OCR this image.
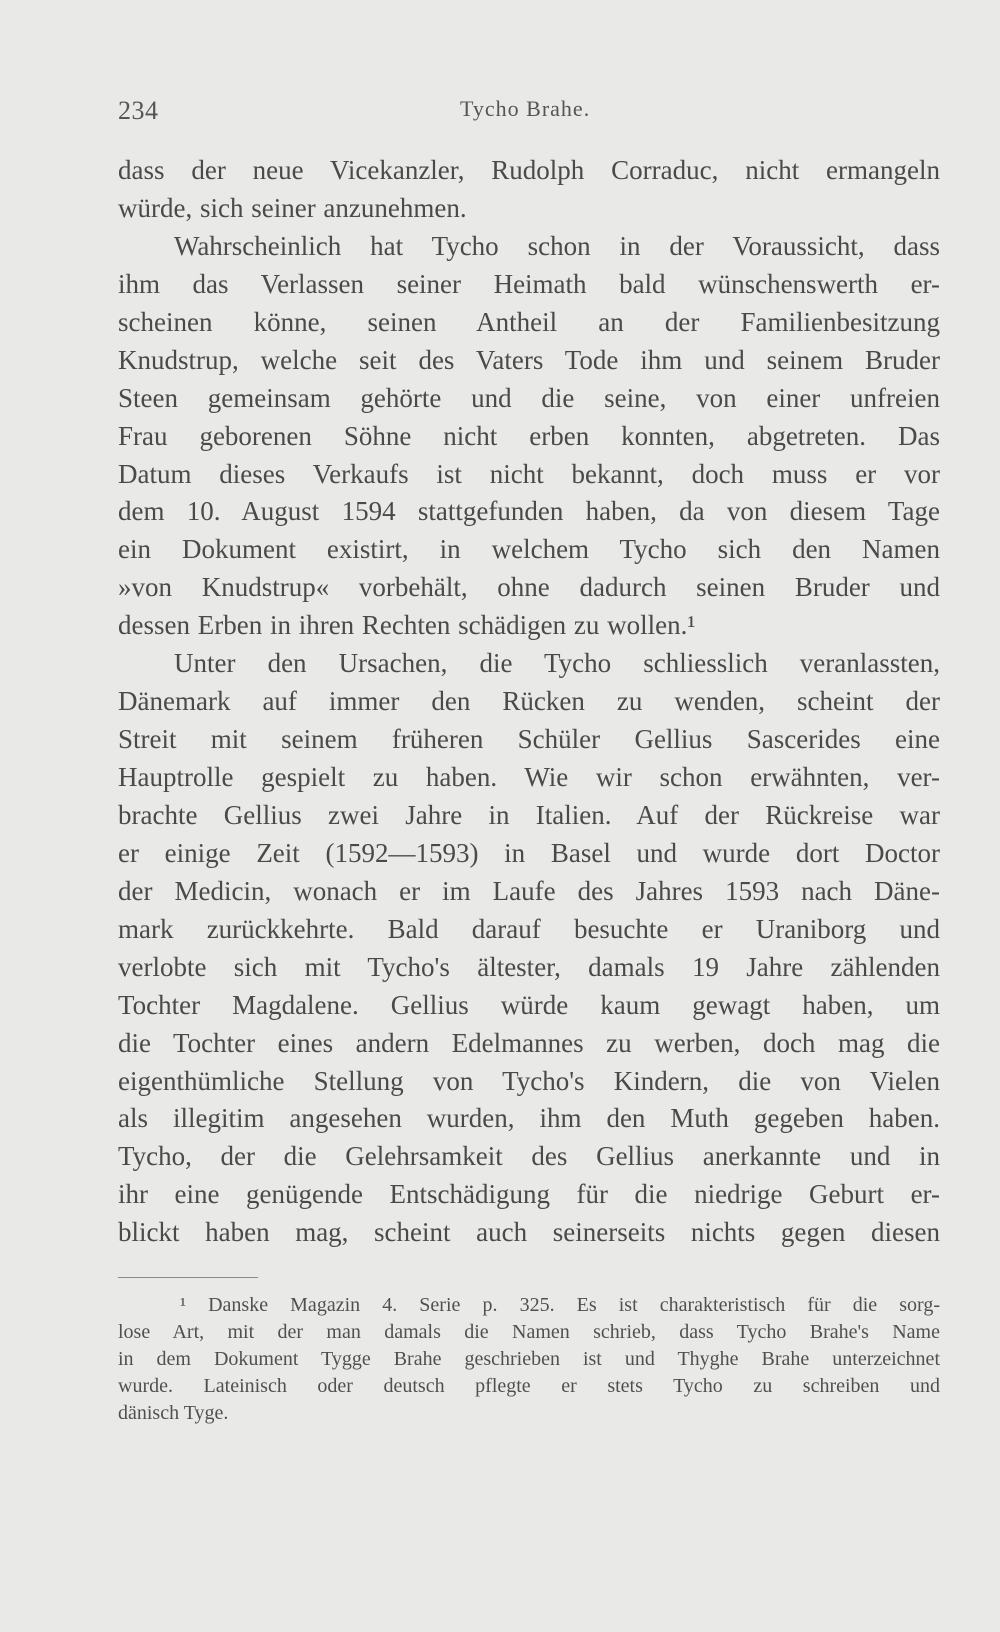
234	Tycho Brahe.
dass der neue Vicekanzler, Rudolph Corraduc, nicht ermangeln
würde, sich seiner anzunehmen.
Wahrscheinlich hat Tycho schon in der Voraussicht, dass
ihm das Verlassen seiner Heimath bald wünschenswerth er-
scheinen könne, seinen Antheil an der Familienbesitzung
Knudstrup, welche seit des Vaters Tode ihm und seinem Bruder
Steen gemeinsam gehörte und die seine, von einer unfreien
Frau geborenen Söhne nicht erben konnten, abgetreten. Das
Datum dieses Verkaufs ist nicht bekannt, doch muss er vor
dem 10. August 1594 stattgefunden haben, da von diesem Tage
ein Dokument existirt, in welchem Tycho sich den Namen
»von Knudstrup« vorbehält, ohne dadurch seinen Bruder und
dessen Erben in ihren Rechten schädigen zu wollen.¹
Unter den Ursachen, die Tycho schliesslich veranlassten,
Dänemark auf immer den Rücken zu wenden, scheint der
Streit mit seinem früheren Schüler Gellius Sascerides eine
Hauptrolle gespielt zu haben. Wie wir schon erwähnten, ver-
brachte Gellius zwei Jahre in Italien. Auf der Rückreise war
er einige Zeit (1592—1593) in Basel und wurde dort Doctor
der Medicin, wonach er im Laufe des Jahres 1593 nach Däne-
mark zurückkehrte. Bald darauf besuchte er Uraniborg und
verlobte sich mit Tycho's ältester, damals 19 Jahre zählenden
Tochter Magdalene. Gellius würde kaum gewagt haben, um
die Tochter eines andern Edelmannes zu werben, doch mag die
eigenthümliche Stellung von Tycho's Kindern, die von Vielen
als illegitim angesehen wurden, ihm den Muth gegeben haben.
Tycho, der die Gelehrsamkeit des Gellius anerkannte und in
ihr eine genügende Entschädigung für die niedrige Geburt er-
blickt haben mag, scheint auch seinerseits nichts gegen diesen
¹ Danske Magazin 4. Serie p. 325. Es ist charakteristisch für die sorg-
lose Art, mit der man damals die Namen schrieb, dass Tycho Brahe's Name
in dem Dokument Tygge Brahe geschrieben ist und Thyghe Brahe unterzeichnet
wurde. Lateinisch oder deutsch pflegte er stets Tycho zu schreiben und
dänisch Tyge.
